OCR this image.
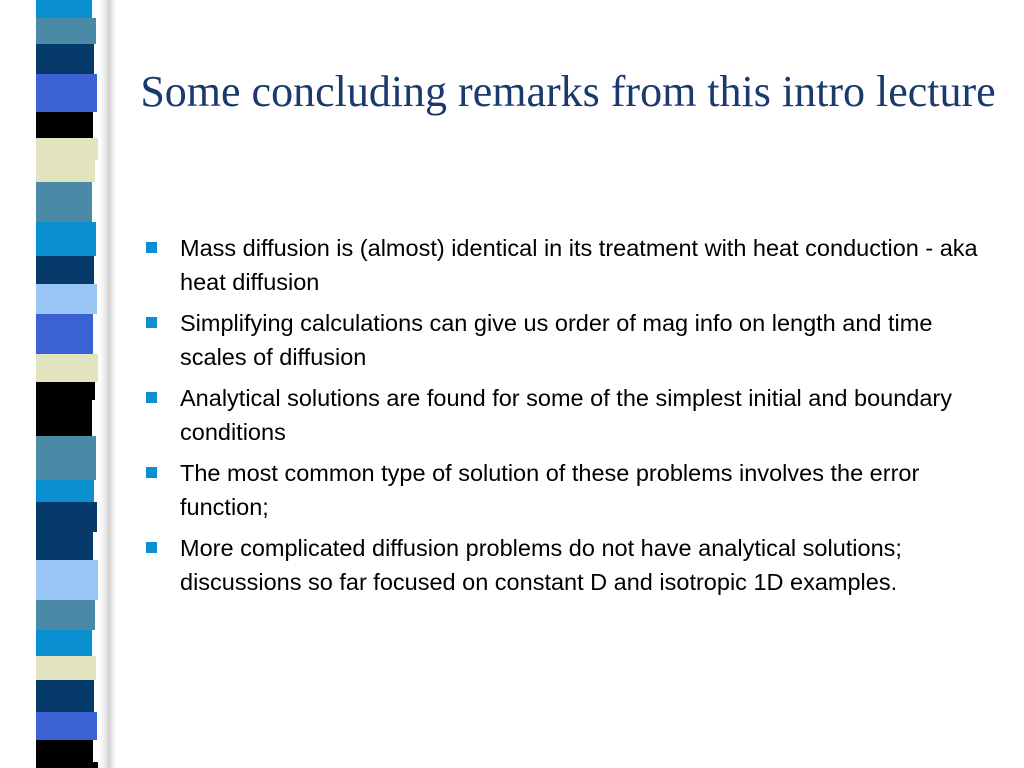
Some concluding remarks from this intro lecture
Mass diffusion is (almost) identical in its treatment with heat conduction - aka heat diffusion
Simplifying calculations can give us order of mag info on length and time scales of diffusion
Analytical solutions are found for some of the simplest initial and boundary conditions
The most common type of solution of these problems involves the error function;
More complicated diffusion problems do not have analytical solutions; discussions so far focused on constant D and isotropic 1D examples.
